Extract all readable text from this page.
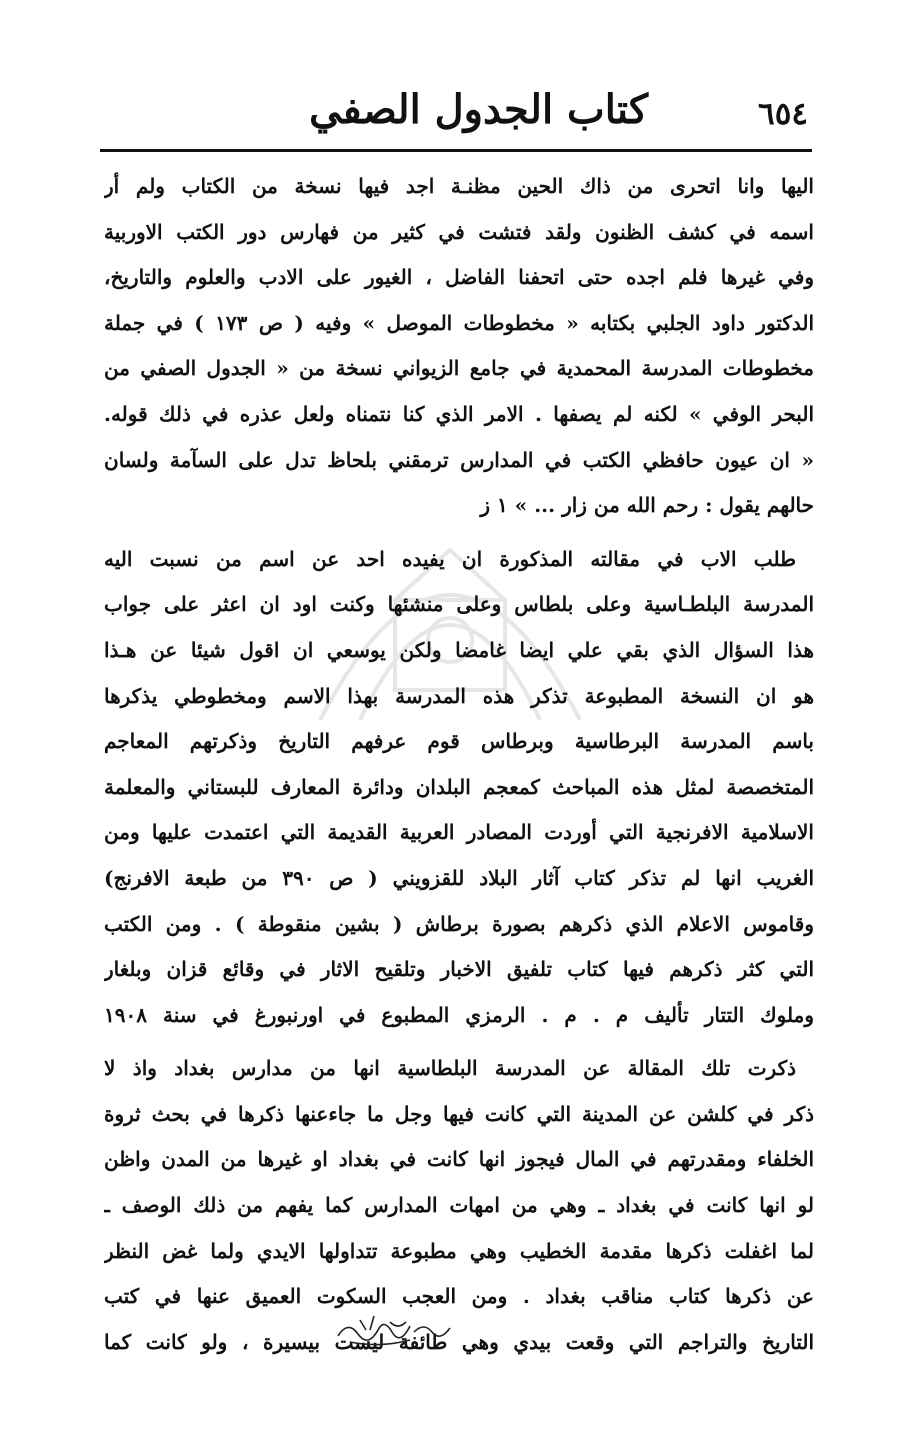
٦٥٤
كتاب الجدول الصفي
اليها وانا اتحرى من ذاك الحين مظنـة اجد فيها نسخة من الكتاب ولم أر
اسمه في كشف الظنون ولقد فتشت في كثير من فهارس دور الكتب الاوربية
وفي غيرها فلم اجده حتى اتحفنا الفاضل ، الغيور على الادب والعلوم والتاريخ،
الدكتور داود الجلبي بكتابه « مخطوطات الموصل » وفيه ( ص ١٧٣ ) في جملة
مخطوطات المدرسة المحمدية في جامع الزيواني نسخة من « الجدول الصفي من
البحر الوفي » لكنه لم يصفها . الامر الذي كنا نتمناه ولعل عذره في ذلك قوله.
« ان عيون حافظي الكتب في المدارس ترمقني بلحاظ تدل على السآمة ولسان
حالهم يقول : رحم الله من زار ... » ١ ز
طلب الاب في مقالته المذكورة ان يفيده احد عن اسم من نسبت اليه
المدرسة البلطـاسية وعلى بلطاس وعلى منشئها وكنت اود ان اعثر على جواب
هذا السؤال الذي بقي علي ايضا غامضا ولكن يوسعي ان اقول شيئا عن هـذا
هو ان النسخة المطبوعة تذكر هذه المدرسة بهذا الاسم ومخطوطي يذكرها
باسم المدرسة البرطاسية وبرطاس قوم عرفهم التاريخ وذكرتهم المعاجم
المتخصصة لمثل هذه المباحث كمعجم البلدان ودائرة المعارف للبستاني والمعلمة
الاسلامية الافرنجية التي أوردت المصادر العربية القديمة التي اعتمدت عليها ومن
الغريب انها لم تذكر كتاب آثار البلاد للقزويني ( ص ٣٩٠ من طبعة الافرنج)
وقاموس الاعلام الذي ذكرهم بصورة برطاش ( بشين منقوطة ) . ومن الكتب
التي كثر ذكرهم فيها كتاب تلفيق الاخبار وتلقيح الاثار في وقائع قزان وبلغار
وملوك التتار تأليف م . م . الرمزي المطبوع في اورنبورغ في سنة ١٩٠٨
ذكرت تلك المقالة عن المدرسة البلطاسية انها من مدارس بغداد واذ لا
ذكر في كلشن عن المدينة التي كانت فيها وجل ما جاءعنها ذكرها في بحث ثروة
الخلفاء ومقدرتهم في المال فيجوز انها كانت في بغداد او غيرها من المدن واظن
لو انها كانت في بغداد ـ وهي من امهات المدارس كما يفهم من ذلك الوصف ـ
لما اغفلت ذكرها مقدمة الخطيب وهي مطبوعة تتداولها الايدي ولما غض النظر
عن ذكرها كتاب مناقب بغداد . ومن العجب السكوت العميق عنها في كتب
التاريخ والتراجم التي وقعت بيدي وهي طائفة ليست بيسيرة ، ولو كانت كما
